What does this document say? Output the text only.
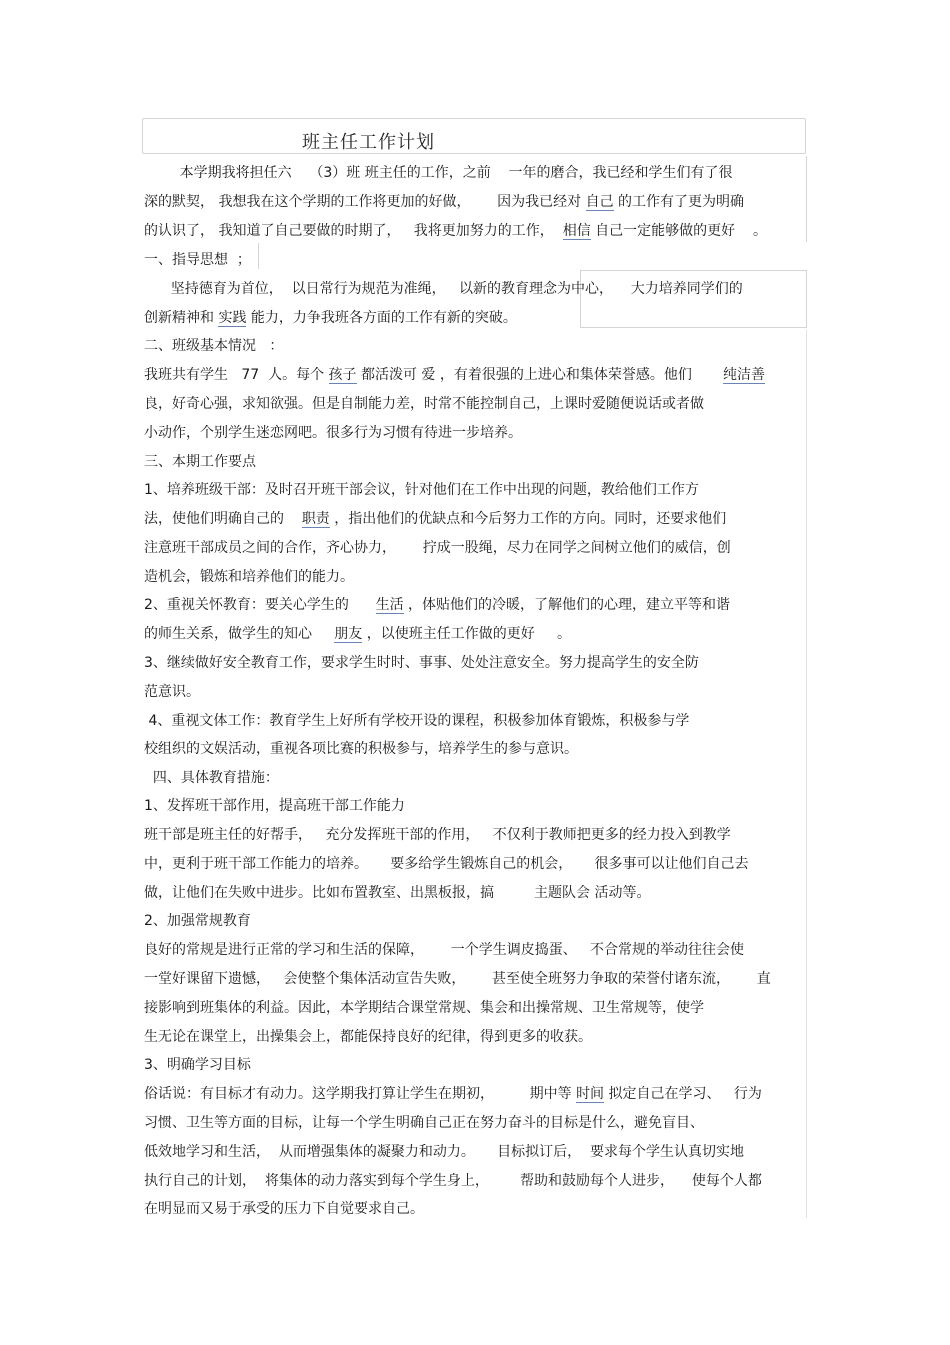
班主任工作计划
本学期我将担任六    （3）班 班主任的工作，之前    一年的磨合，我已经和学生们有了很
深的默契， 我想我在这个学期的工作将更加的好做，      因为我已经对 自己 的工作有了更为明确
的认识了， 我知道了自己要做的时期了，   我将更加努力的工作，  相信 自己一定能够做的更好    。
一、指导思想  ；
坚持德育为首位，  以日常行为规范为准绳，   以新的教育理念为中心，    大力培养同学们的
创新精神和 实践 能力，力争我班各方面的工作有新的突破。
二、班级基本情况   ：
我班共有学生   77  人。每个 孩子 都活泼可 爱 ，有着很强的上进心和集体荣誉感。他们       纯洁善
良，好奇心强，求知欲强。但是自制能力差，时常不能控制自己，上课时爱随便说话或者做
小动作，个别学生迷恋网吧。很多行为习惯有待进一步培养。
三、本期工作要点
1、培养班级干部：及时召开班干部会议，针对他们在工作中出现的问题，教给他们工作方
法，使他们明确自己的    职责 ，指出他们的优缺点和今后努力工作的方向。同时，还要求他们
注意班干部成员之间的合作，齐心协力，      拧成一股绳，尽力在同学之间树立他们的威信，创
造机会，锻炼和培养他们的能力。
2、重视关怀教育：要关心学生的      生活 ，体贴他们的冷暖，了解他们的心理，建立平等和谐
的师生关系，做学生的知心     朋友 ，以使班主任工作做的更好     。
3、继续做好安全教育工作，要求学生时时、事事、处处注意安全。努力提高学生的安全防
范意识。
4、重视文体工作：教育学生上好所有学校开设的课程，积极参加体育锻炼，积极参与学
校组织的文娱活动，重视各项比赛的积极参与，培养学生的参与意识。
四、具体教育措施：
1、发挥班干部作用，提高班干部工作能力
班干部是班主任的好帮手，   充分发挥班干部的作用，   不仅利于教师把更多的经力投入到教学
中，更利于班干部工作能力的培养。     要多给学生锻炼自己的机会，     很多事可以让他们自己去
做，让他们在失败中进步。比如布置教室、出黑板报，搞         主题队会 活动等。
2、加强常规教育
良好的常规是进行正常的学习和生活的保障，      一个学生调皮捣蛋、   不合常规的举动往往会使
一堂好课留下遗憾，   会使整个集体活动宣告失败，      甚至使全班努力争取的荣誉付诸东流，      直
接影响到班集体的利益。因此，本学期结合课堂常规、集会和出操常规、卫生常规等，使学
生无论在课堂上，出操集会上，都能保持良好的纪律，得到更多的收获。
3、明确学习目标
俗话说：有目标才有动力。这学期我打算让学生在期初，        期中等 时间 拟定自己在学习、   行为
习惯、卫生等方面的目标，让每一个学生明确自己正在努力奋斗的目标是什么，避免盲目、
低效地学习和生活，  从而增强集体的凝聚力和动力。     目标拟订后，  要求每个学生认真切实地
执行自己的计划，  将集体的动力落实到每个学生身上，       帮助和鼓励每个人进步，    使每个人都
在明显而又易于承受的压力下自觉要求自己。
